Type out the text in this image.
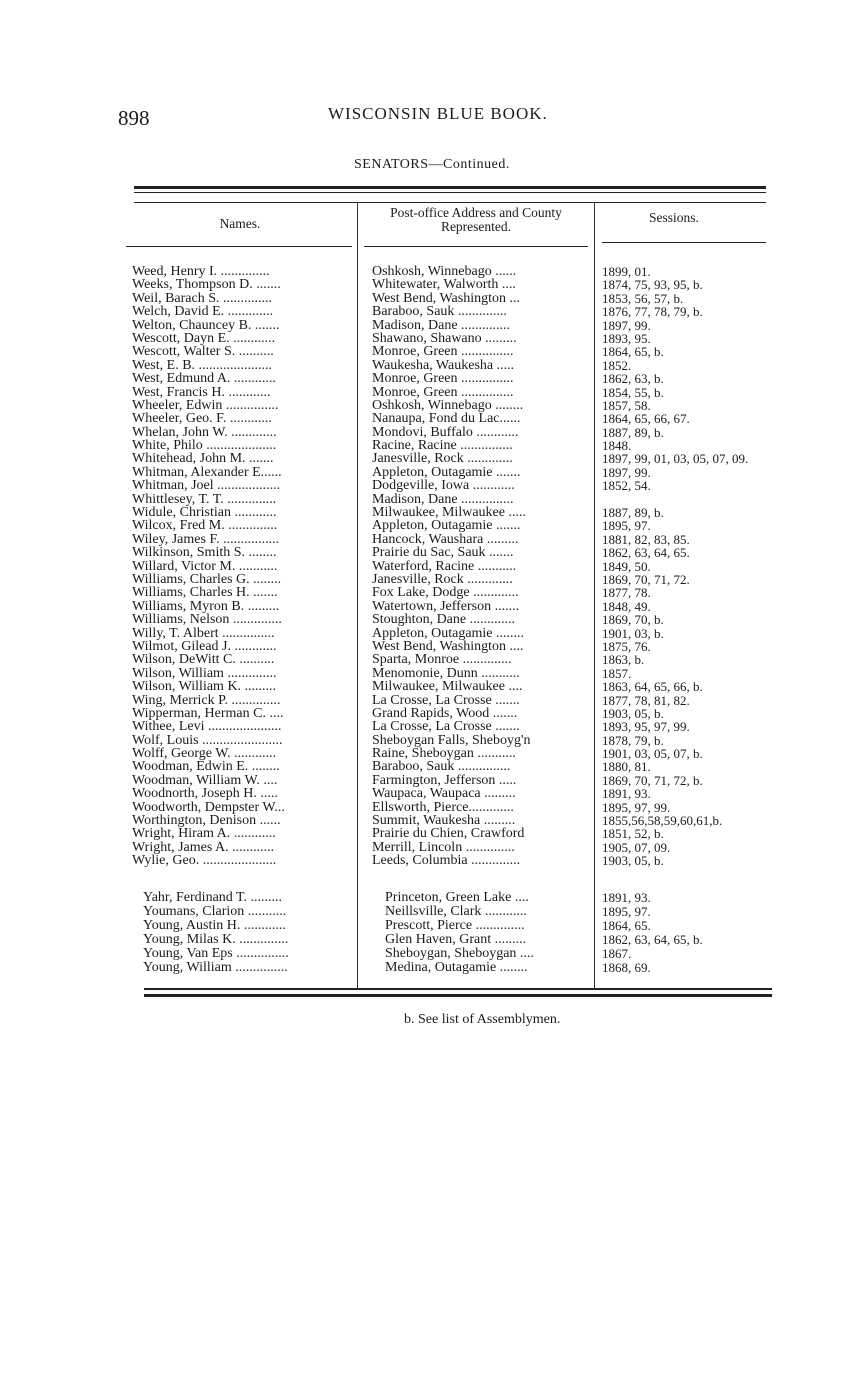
898	WISCONSIN BLUE BOOK.
SENATORS—Continued.
Names.
Post-office Address and County Represented.
Sessions.
Weed, Henry I. ..............	Oshkosh, Winnebago ......	1899, 01.
Weeks, Thompson D. .......	Whitewater, Walworth ....	1874, 75, 93, 95, b.
Weil, Barach S. ..............	West Bend, Washington ...	1853, 56, 57, b.
Welch, David E. .............	Baraboo, Sauk ..............	1876, 77, 78, 79, b.
Welton, Chauncey B. .......	Madison, Dane ..............	1897, 99.
Wescott, Dayn E. ............	Shawano, Shawano .........	1893, 95.
Wescott, Walter S. ..........	Monroe, Green ...............	1864, 65, b.
West, E. B. .....................	Waukesha, Waukesha .....	1852.
West, Edmund A. ............	Monroe, Green ...............	1862, 63, b.
West, Francis H. ............	Monroe, Green ...............	1854, 55, b.
Wheeler, Edwin ...............	Oshkosh, Winnebago ........	1857, 58.
Wheeler, Geo. F. ............	Nanaupa, Fond du Lac......	1864, 65, 66, 67.
Whelan, John W. .............	Mondovi, Buffalo ............	1887, 89, b.
White, Philo ....................	Racine, Racine ...............	1848.
Whitehead, John M. .......	Janesville, Rock .............	1897, 99, 01, 03, 05, 07, 09.
Whitman, Alexander E......	Appleton, Outagamie .......	1897, 99.
Whitman, Joel ..................	Dodgeville, Iowa ............	1852, 54.
Whittlesey, T. T. ..............	Madison, Dane ...............
Widule, Christian ............	Milwaukee, Milwaukee .....	1887, 89, b.
Wilcox, Fred M. ..............	Appleton, Outagamie .......	1895, 97.
Wiley, James F. ................	Hancock, Waushara .........	1881, 82, 83, 85.
Wilkinson, Smith S. ........	Prairie du Sac, Sauk .......	1862, 63, 64, 65.
Willard, Victor M. ...........	Waterford, Racine ...........	1849, 50.
Williams, Charles G. ........	Janesville, Rock .............	1869, 70, 71, 72.
Williams, Charles H. .......	Fox Lake, Dodge .............	1877, 78.
Williams, Myron B. .........	Watertown, Jefferson .......	1848, 49.
Williams, Nelson ..............	Stoughton, Dane .............	1869, 70, b.
Willy, T. Albert ...............	Appleton, Outagamie ........	1901, 03, b.
Wilmot, Gilead J. ............	West Bend, Washington ....	1875, 76.
Wilson, DeWitt C. ..........	Sparta, Monroe ..............	1863, b.
Wilson, William ..............	Menomonie, Dunn ...........	1857.
Wilson, William K. .........	Milwaukee, Milwaukee ....	1863, 64, 65, 66, b.
Wing, Merrick P. ..............	La Crosse, La Crosse .......	1877, 78, 81, 82.
Wipperman, Herman C. ....	Grand Rapids, Wood .......	1903, 05, b.
Withee, Levi .....................	La Crosse, La Crosse .......	1893, 95, 97, 99.
Wolf, Louis .......................	Sheboygan Falls, Sheboyg'n	1878, 79, b.
Wolff, George W. ............	Raine, Sheboygan ...........	1901, 03, 05, 07, b.
Woodman, Edwin E. ........	Baraboo, Sauk ...............	1880, 81.
Woodman, William W. ....	Farmington, Jefferson .....	1869, 70, 71, 72, b.
Woodnorth, Joseph H. .....	Waupaca, Waupaca .........	1891, 93.
Woodworth, Dempster W...	Ellsworth, Pierce.............	1895, 97, 99.
Worthington, Denison ......	Summit, Waukesha .........	1855,56,58,59,60,61,b.
Wright, Hiram A. ............	Prairie du Chien, Crawford	1851, 52, b.
Wright, James A. ............	Merrill, Lincoln ..............	1905, 07, 09.
Wylie, Geo. .....................	Leeds, Columbia ..............	1903, 05, b.
Yahr, Ferdinand T. .........	Princeton, Green Lake ....	1891, 93.
Youmans, Clarion ...........	Neillsville, Clark ............	1895, 97.
Young, Austin H. ............	Prescott, Pierce ..............	1864, 65.
Young, Milas K. ..............	Glen Haven, Grant .........	1862, 63, 64, 65, b.
Young, Van Eps ...............	Sheboygan, Sheboygan ....	1867.
Young, William ...............	Medina, Outagamie ........	1868, 69.
b. See list of Assemblymen.
